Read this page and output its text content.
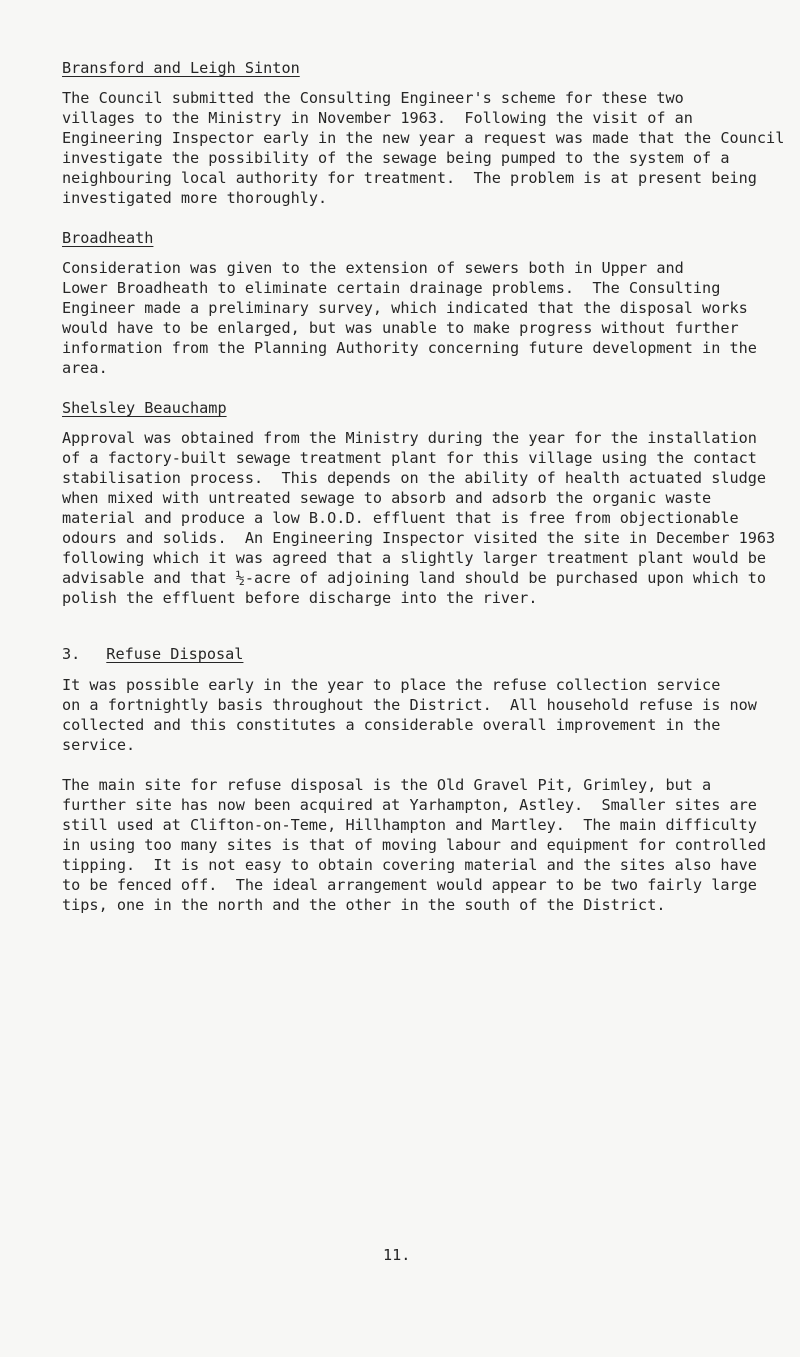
Bransford and Leigh Sinton

The Council submitted the Consulting Engineer's scheme for these two
villages to the Ministry in November 1963.  Following the visit of an
Engineering Inspector early in the new year a request was made that the Council
investigate the possibility of the sewage being pumped to the system of a
neighbouring local authority for treatment.  The problem is at present being
investigated more thoroughly.

Broadheath

Consideration was given to the extension of sewers both in Upper and
Lower Broadheath to eliminate certain drainage problems.  The Consulting
Engineer made a preliminary survey, which indicated that the disposal works
would have to be enlarged, but was unable to make progress without further
information from the Planning Authority concerning future development in the
area.

Shelsley Beauchamp

Approval was obtained from the Ministry during the year for the installation
of a factory-built sewage treatment plant for this village using the contact
stabilisation process.  This depends on the ability of health actuated sludge
when mixed with untreated sewage to absorb and adsorb the organic waste
material and produce a low B.O.D. effluent that is free from objectionable
odours and solids.  An Engineering Inspector visited the site in December 1963
following which it was agreed that a slightly larger treatment plant would be
advisable and that ½-acre of adjoining land should be purchased upon which to
polish the effluent before discharge into the river.

3. Refuse Disposal

It was possible early in the year to place the refuse collection service
on a fortnightly basis throughout the District.  All household refuse is now
collected and this constitutes a considerable overall improvement in the
service.

The main site for refuse disposal is the Old Gravel Pit, Grimley, but a
further site has now been acquired at Yarhampton, Astley.  Smaller sites are
still used at Clifton-on-Teme, Hillhampton and Martley.  The main difficulty
in using too many sites is that of moving labour and equipment for controlled
tipping.  It is not easy to obtain covering material and the sites also have
to be fenced off.  The ideal arrangement would appear to be two fairly large
tips, one in the north and the other in the south of the District.

11.
